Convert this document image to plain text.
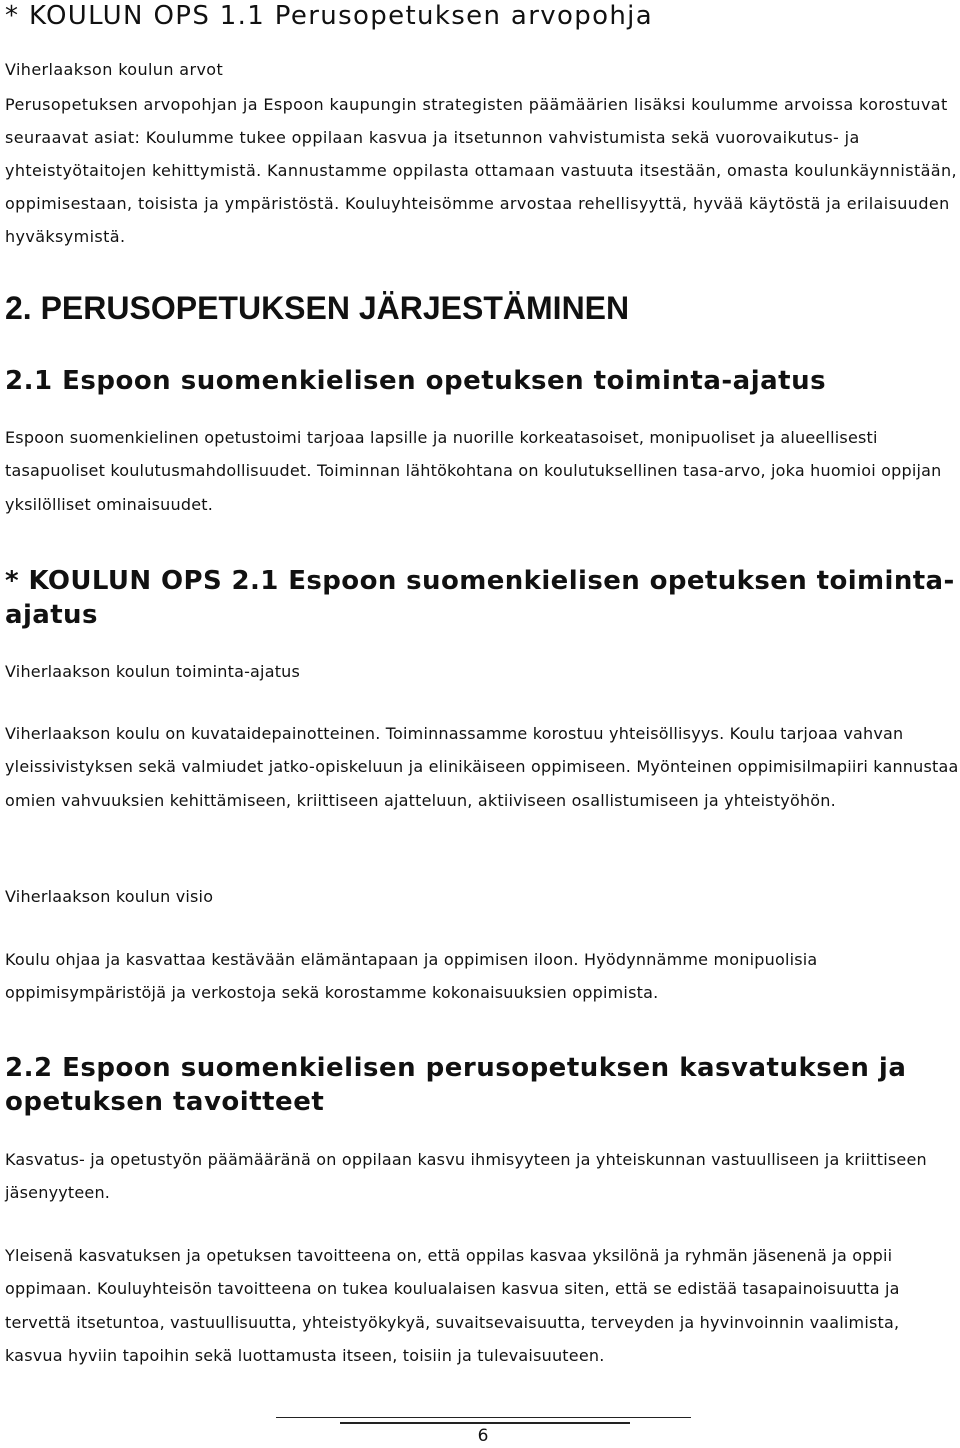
* KOULUN OPS 1.1 Perusopetuksen arvopohja
Viherlaakson koulun arvot

Perusopetuksen arvopohjan ja Espoon kaupungin strategisten päämäärien lisäksi koulumme arvoissa korostuvat seuraavat asiat: Koulumme tukee oppilaan kasvua ja itsetunnon vahvistumista sekä vuorovaikutus- ja yhteistyötaitojen kehittymistä. Kannustamme oppilasta ottamaan vastuuta itsestään, omasta koulunkäynnistään, oppimisestaan, toisista ja ympäristöstä. Kouluyhteisömme arvostaa rehellisyyttä, hyvää käytöstä ja erilaisuuden hyväksymistä.

2. PERUSOPETUKSEN JÄRJESTÄMINEN
2.1 Espoon suomenkielisen opetuksen toiminta-ajatus

Espoon suomenkielinen opetustoimi tarjoaa lapsille ja nuorille korkeatasoiset, monipuoliset ja alueellisesti tasapuoliset koulutusmahdollisuudet. Toiminnan lähtökohtana on koulutuksellinen tasa-arvo, joka huomioi oppijan yksilölliset ominaisuudet.

* KOULUN OPS 2.1 Espoon suomenkielisen opetuksen toiminta-ajatus
Viherlaakson koulun toiminta-ajatus

Viherlaakson koulu on kuvataidepainotteinen. Toiminnassamme korostuu yhteisöllisyys. Koulu tarjoaa vahvan yleissivistyksen sekä valmiudet jatko-opiskeluun ja elinikäiseen oppimiseen. Myönteinen oppimisilmapiiri kannustaa omien vahvuuksien kehittämiseen, kriittiseen ajatteluun, aktiiviseen osallistumiseen ja yhteistyöhön.

Viherlaakson koulun visio

Koulu ohjaa ja kasvattaa kestävään elämäntapaan ja oppimisen iloon. Hyödynnämme monipuolisia oppimisympäristöjä ja verkostoja sekä korostamme kokonaisuuksien oppimista.

2.2 Espoon suomenkielisen perusopetuksen kasvatuksen ja opetuksen tavoitteet

Kasvatus- ja opetustyön päämääränä on oppilaan kasvu ihmisyyteen ja yhteiskunnan vastuulliseen ja kriittiseen jäsenyyteen.

Yleisenä kasvatuksen ja opetuksen tavoitteena on, että oppilas kasvaa yksilönä ja ryhmän jäsenenä ja oppii oppimaan. Kouluyhteisön tavoitteena on tukea koulualaisen kasvua siten, että se edistää tasapainoisuutta ja tervettä itsetuntoa, vastuullisuutta, yhteistyökykyä, suvaitsevaisuutta, terveyden ja hyvinvoinnin vaalimista, kasvua hyviin tapoihin sekä luottamusta itseen, toisiin ja tulevaisuuteen.

6
